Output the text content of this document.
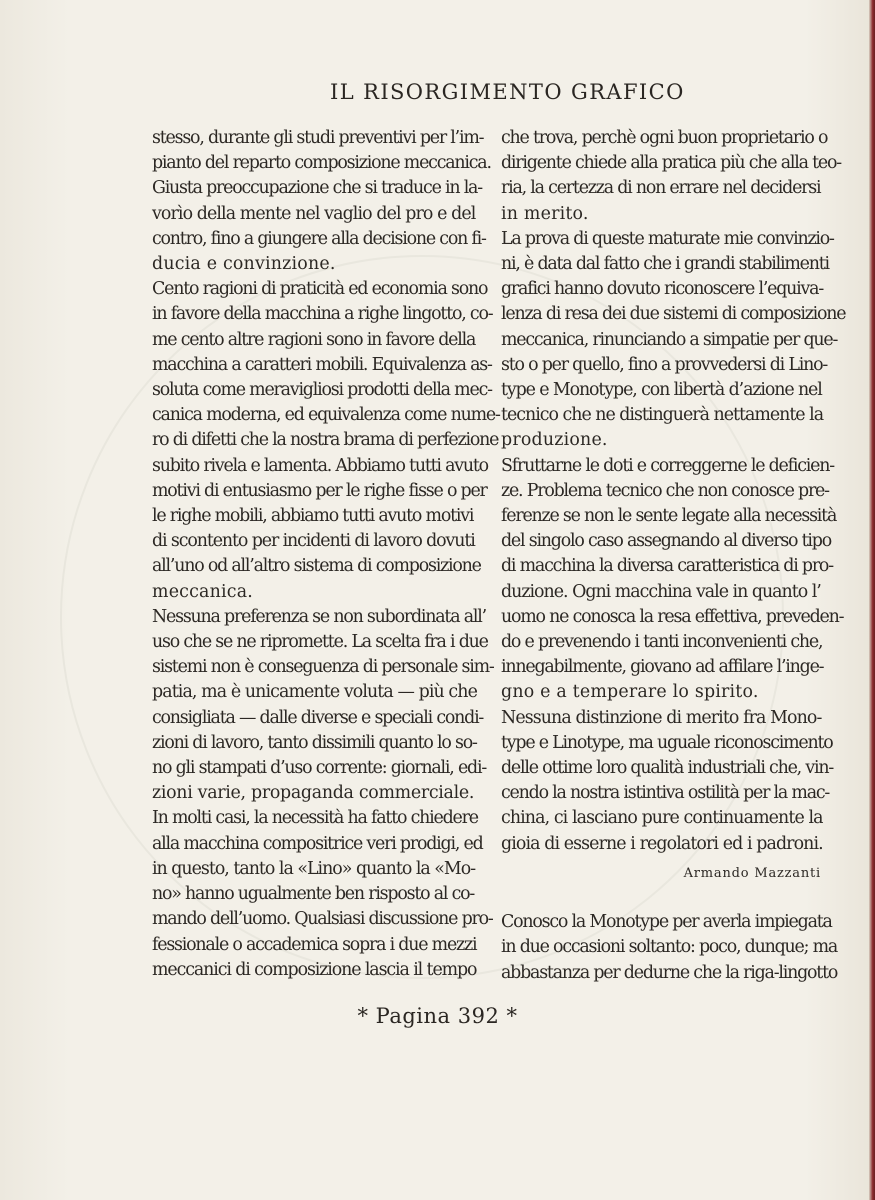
IL RISORGIMENTO GRAFICO
stesso, durante gli studi preventivi per l’im-
pianto del reparto composizione meccanica.
Giusta preoccupazione che si traduce in la-
vorìo della mente nel vaglio del pro e del
contro, fino a giungere alla decisione con fi-
ducia e convinzione.
Cento ragioni di praticità ed economia sono
in favore della macchina a righe lingotto, co-
me cento altre ragioni sono in favore della
macchina a caratteri mobili. Equivalenza as-
soluta come meravigliosi prodotti della mec-
canica moderna, ed equivalenza come nume-
ro di difetti che la nostra brama di perfezione
subito rivela e lamenta. Abbiamo tutti avuto
motivi di entusiasmo per le righe fisse o per
le righe mobili, abbiamo tutti avuto motivi
di scontento per incidenti di lavoro dovuti
all’uno od all’altro sistema di composizione
meccanica.
Nessuna preferenza se non subordinata all’
uso che se ne ripromette. La scelta fra i due
sistemi non è conseguenza di personale sim-
patia, ma è unicamente voluta — più che
consigliata — dalle diverse e speciali condi-
zioni di lavoro, tanto dissimili quanto lo so-
no gli stampati d’uso corrente: giornali, edi-
zioni varie, propaganda commerciale.
In molti casi, la necessità ha fatto chiedere
alla macchina compositrice veri prodigi, ed
in questo, tanto la «Lino» quanto la «Mo-
no» hanno ugualmente ben risposto al co-
mando dell’uomo. Qualsiasi discussione pro-
fessionale o accademica sopra i due mezzi
meccanici di composizione lascia il tempo
che trova, perchè ogni buon proprietario o
dirigente chiede alla pratica più che alla teo-
ria, la certezza di non errare nel decidersi
in merito.
La prova di queste maturate mie convinzio-
ni, è data dal fatto che i grandi stabilimenti
grafici hanno dovuto riconoscere l’equiva-
lenza di resa dei due sistemi di composizione
meccanica, rinunciando a simpatie per que-
sto o per quello, fino a provvedersi di Lino-
type e Monotype, con libertà d’azione nel
tecnico che ne distinguerà nettamente la
produzione.
Sfruttarne le doti e correggerne le deficien-
ze. Problema tecnico che non conosce pre-
ferenze se non le sente legate alla necessità
del singolo caso assegnando al diverso tipo
di macchina la diversa caratteristica di pro-
duzione. Ogni macchina vale in quanto l’
uomo ne conosca la resa effettiva, preveden-
do e prevenendo i tanti inconvenienti che,
innegabilmente, giovano ad affilare l’inge-
gno e a temperare lo spirito.
Nessuna distinzione di merito fra Mono-
type e Linotype, ma uguale riconoscimento
delle ottime loro qualità industriali che, vin-
cendo la nostra istintiva ostilità per la mac-
china, ci lasciano pure continuamente la
gioia di esserne i regolatori ed i padroni.
Armando Mazzanti
Conosco la Monotype per averla impiegata
in due occasioni soltanto: poco, dunque; ma
abbastanza per dedurne che la riga-lingotto
* Pagina 392 *
